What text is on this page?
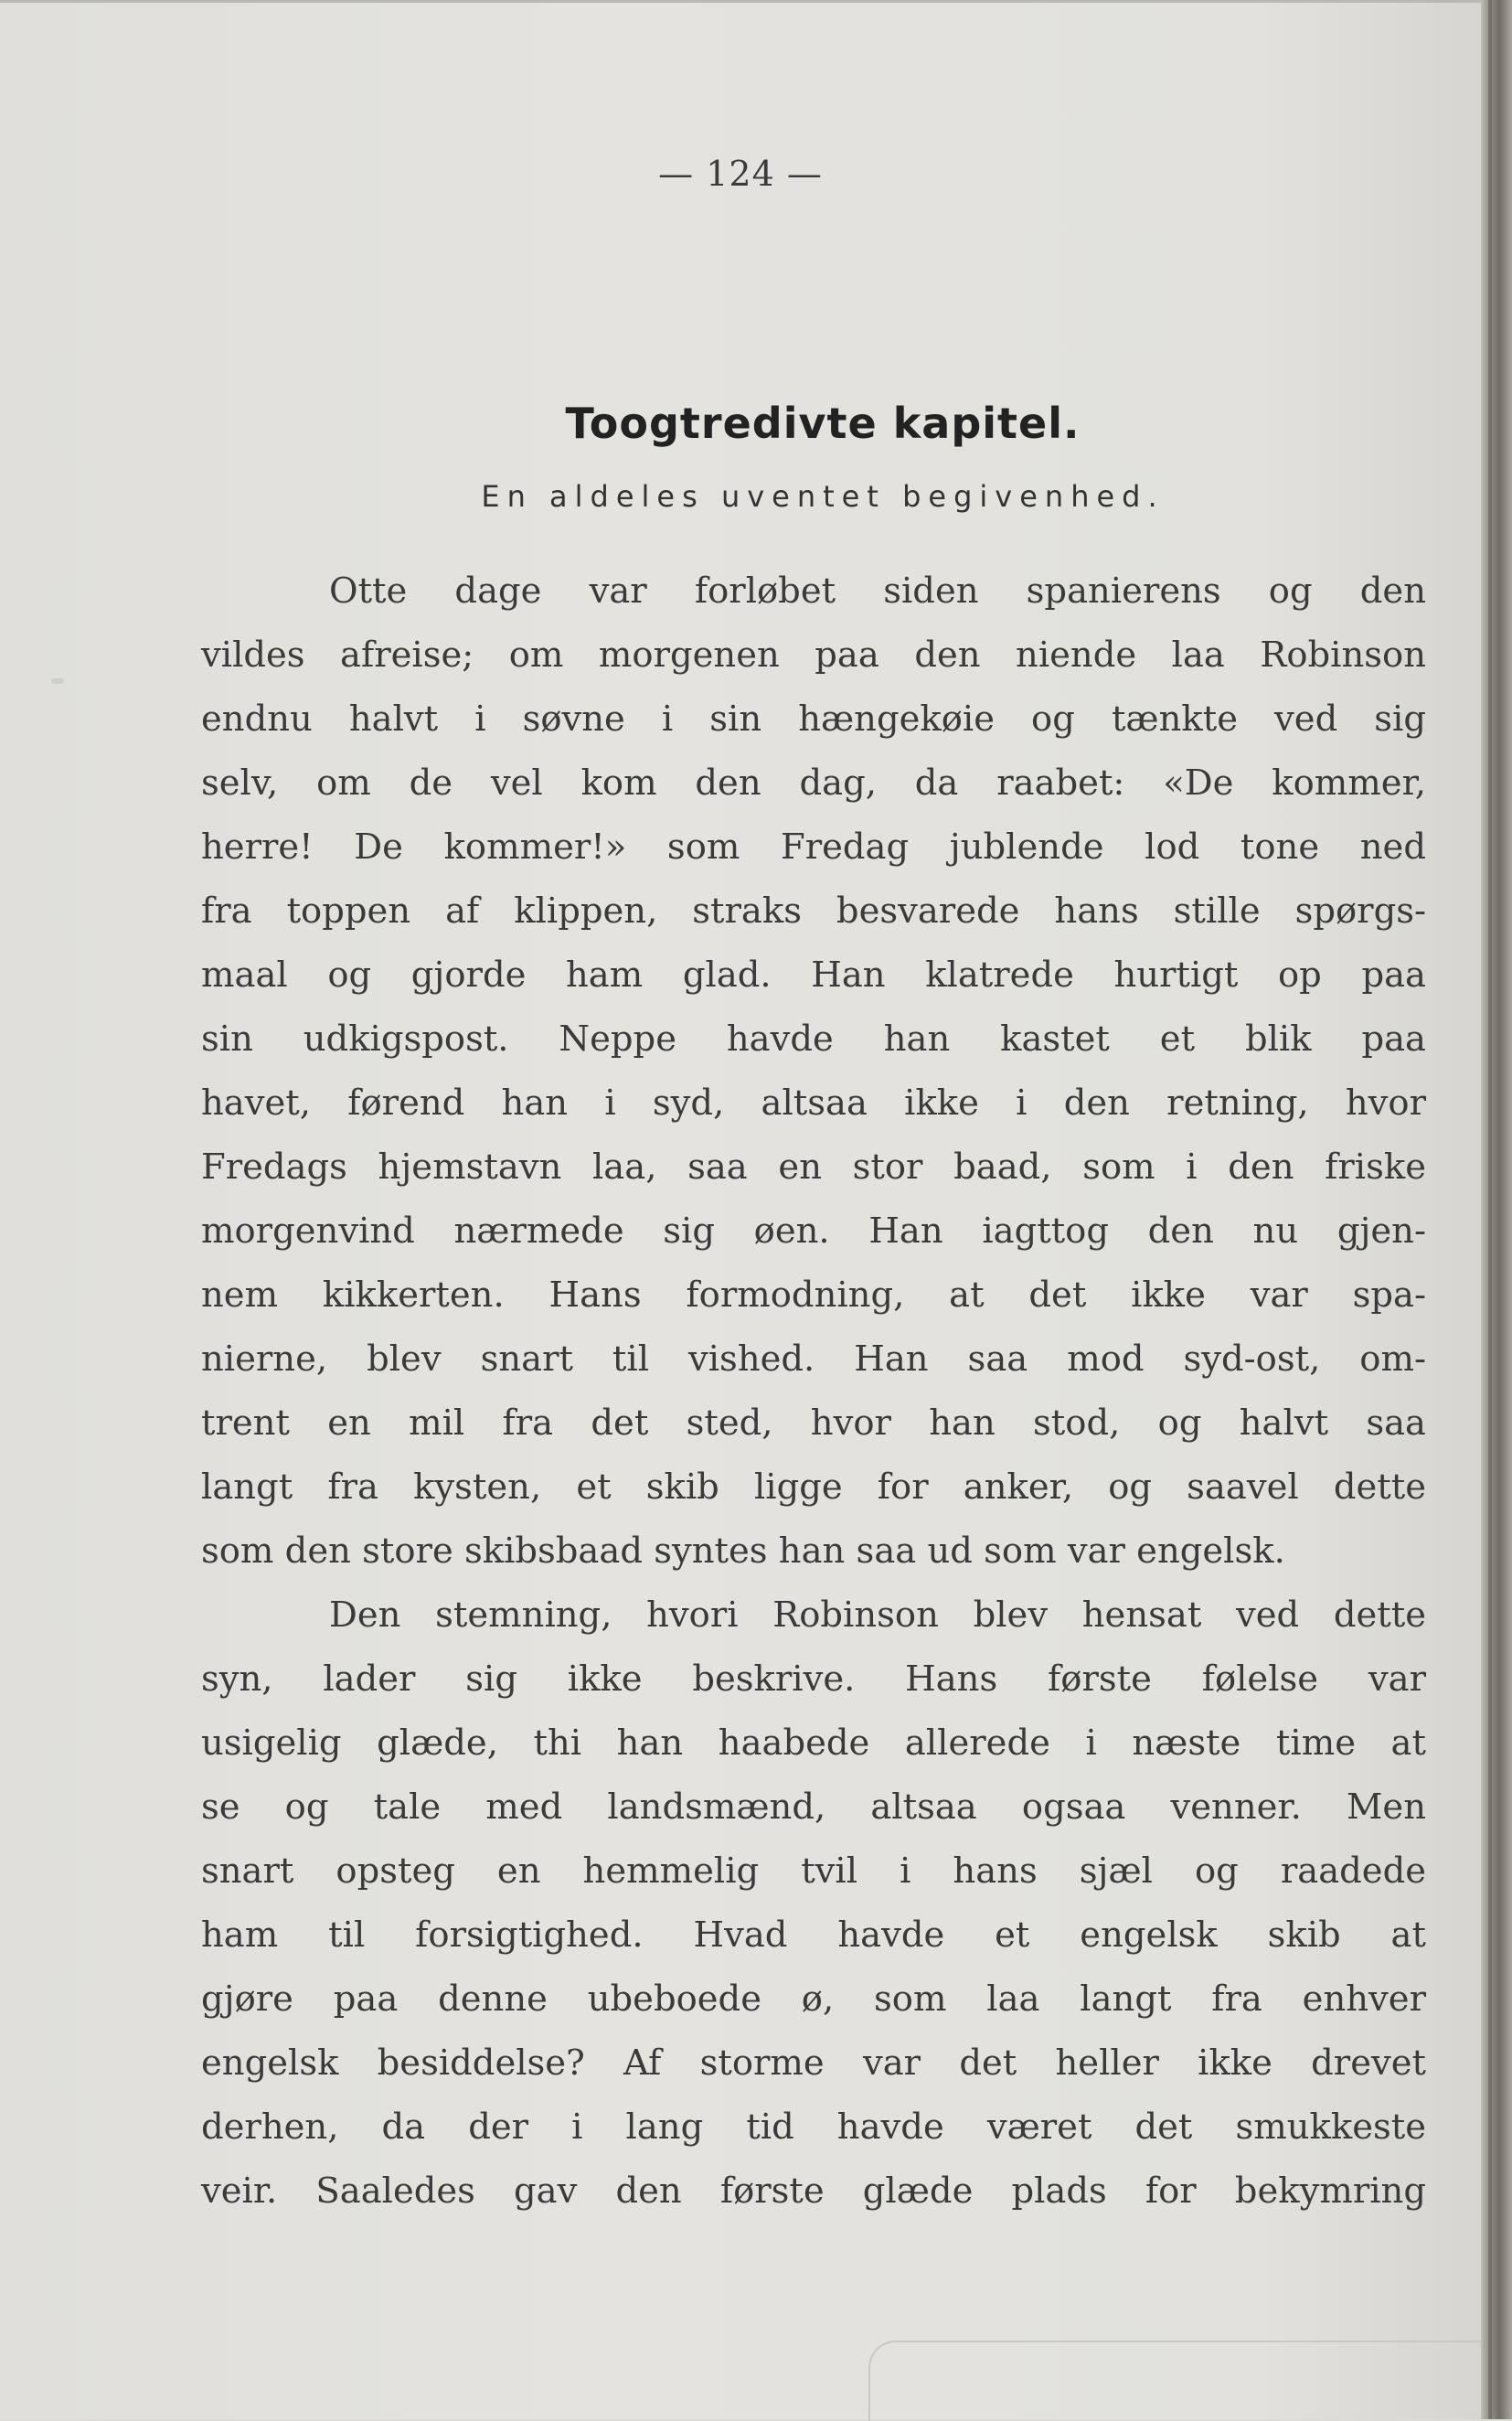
— 124 —
Toogtredivte kapitel.
En aldeles uventet begivenhed.
Otte dage var forløbet siden spanierens og den
vildes afreise; om morgenen paa den niende laa Robinson
endnu halvt i søvne i sin hængekøie og tænkte ved sig
selv, om de vel kom den dag, da raabet: «De kommer,
herre! De kommer!» som Fredag jublende lod tone ned
fra toppen af klippen, straks besvarede hans stille spørgs-
maal og gjorde ham glad. Han klatrede hurtigt op paa
sin udkigspost. Neppe havde han kastet et blik paa
havet, førend han i syd, altsaa ikke i den retning, hvor
Fredags hjemstavn laa, saa en stor baad, som i den friske
morgenvind nærmede sig øen. Han iagttog den nu gjen-
nem kikkerten. Hans formodning, at det ikke var spa-
nierne, blev snart til vished. Han saa mod syd-ost, om-
trent en mil fra det sted, hvor han stod, og halvt saa
langt fra kysten, et skib ligge for anker, og saavel dette
som den store skibsbaad syntes han saa ud som var engelsk.
Den stemning, hvori Robinson blev hensat ved dette
syn, lader sig ikke beskrive. Hans første følelse var
usigelig glæde, thi han haabede allerede i næste time at
se og tale med landsmænd, altsaa ogsaa venner. Men
snart opsteg en hemmelig tvil i hans sjæl og raadede
ham til forsigtighed. Hvad havde et engelsk skib at
gjøre paa denne ubeboede ø, som laa langt fra enhver
engelsk besiddelse? Af storme var det heller ikke drevet
derhen, da der i lang tid havde været det smukkeste
veir. Saaledes gav den første glæde plads for bekymring
